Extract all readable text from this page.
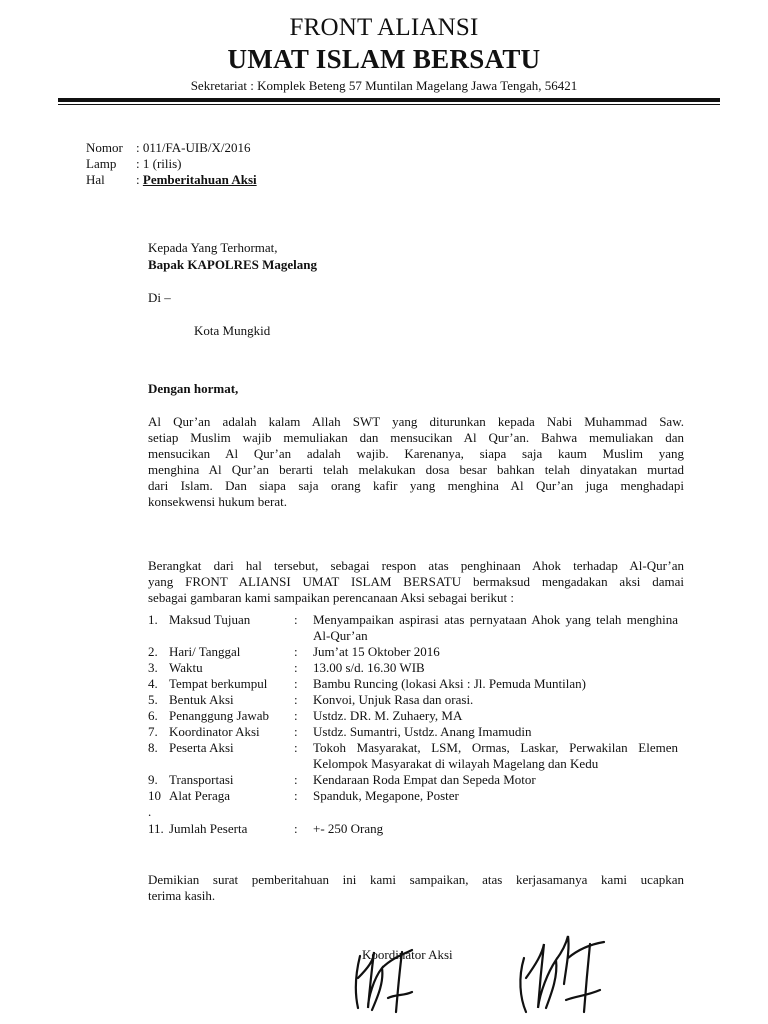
FRONT ALIANSI
UMAT ISLAM BERSATU
Sekretariat : Komplek Beteng 57 Muntilan Magelang Jawa Tengah, 56421
Nomor : 011/FA-UIB/X/2016
Lamp : 1 (rilis)
Hal : Pemberitahuan Aksi
Kepada Yang Terhormat,
Bapak KAPOLRES Magelang
Di –
Kota Mungkid
Dengan hormat,
Al Qur’an adalah kalam Allah SWT yang diturunkan kepada Nabi Muhammad Saw.
setiap Muslim wajib memuliakan dan mensucikan Al Qur’an. Bahwa memuliakan dan
mensucikan Al Qur’an adalah wajib. Karenanya, siapa saja kaum Muslim yang
menghina Al Qur’an berarti telah melakukan dosa besar bahkan telah dinyatakan murtad
dari Islam. Dan siapa saja orang kafir yang menghina Al Qur’an juga menghadapi
konsekwensi hukum berat.
Berangkat dari hal tersebut, sebagai respon atas penghinaan Ahok terhadap Al-Qur’an
yang FRONT ALIANSI UMAT ISLAM BERSATU bermaksud mengadakan aksi damai
sebagai gambaran kami sampaikan perencanaan Aksi sebagai berikut :
1. Maksud Tujuan	: Menyampaikan aspirasi atas pernyataan Ahok yang telah menghina Al-Qur’an
2. Hari/ Tanggal	: Jum’at 15 Oktober 2016
3. Waktu	: 13.00 s/d. 16.30 WIB
4. Tempat berkumpul : Bambu Runcing (lokasi Aksi : Jl. Pemuda Muntilan)
5. Bentuk Aksi	: Konvoi, Unjuk Rasa dan orasi.
6. Penanggung Jawab : Ustdz. DR. M. Zuhaery, MA
7. Koordinator Aksi	: Ustdz. Sumantri, Ustdz. Anang Imamudin
8. Peserta Aksi	: Tokoh Masyarakat, LSM, Ormas, Laskar, Perwakilan Elemen Kelompok Masyarakat di wilayah Magelang dan Kedu
9. Transportasi	: Kendaraan Roda Empat dan Sepeda Motor
10 Alat Peraga	: Spanduk, Megapone, Poster
.
11. Jumlah Peserta	: +- 250 Orang
Demikian surat pemberitahuan ini kami sampaikan, atas kerjasamanya kami ucapkan
terima kasih.
Koordinator Aksi
